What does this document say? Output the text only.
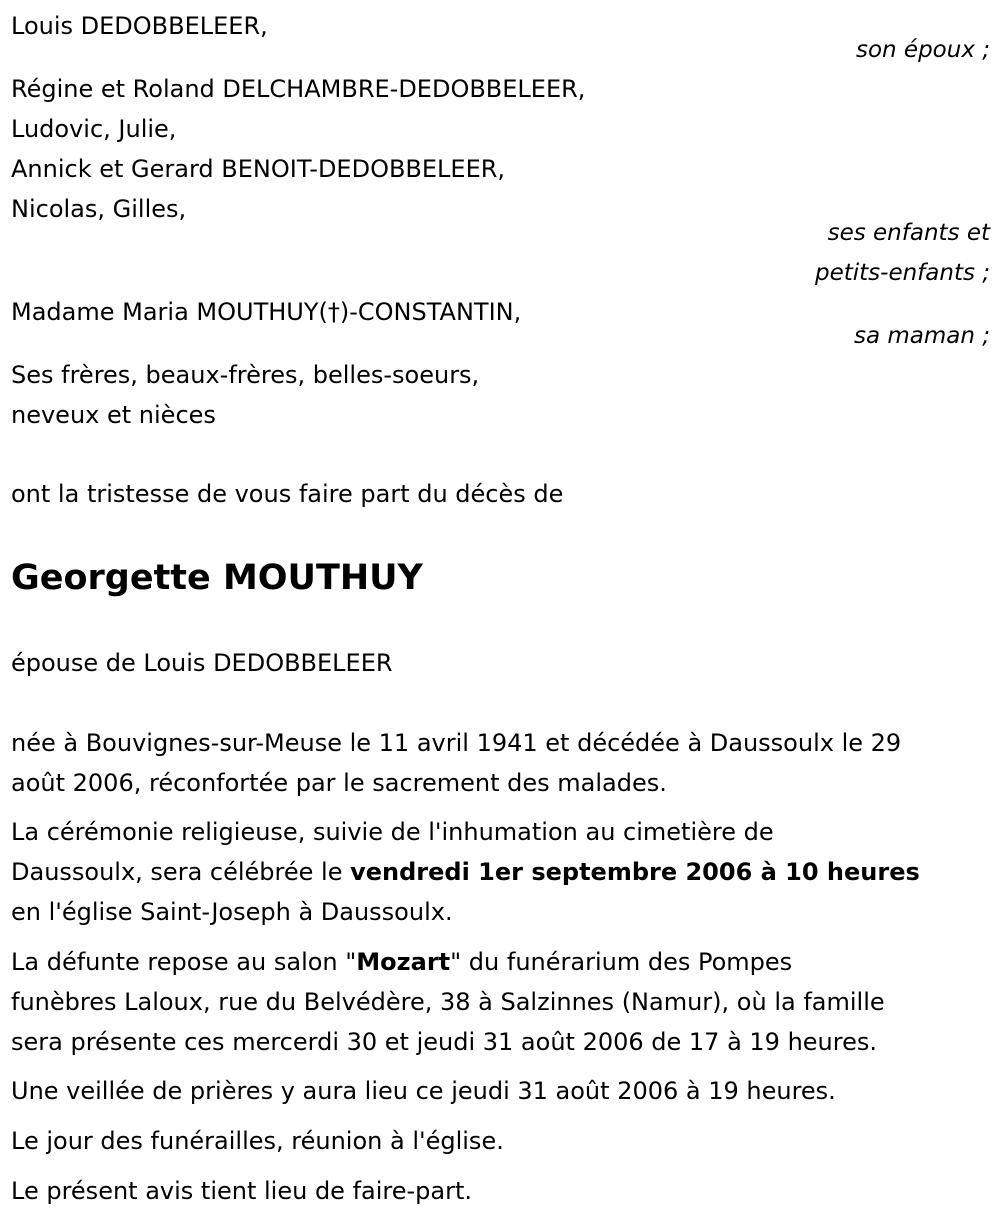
Louis DEDOBBELEER,
son époux ;
Régine et Roland DELCHAMBRE-DEDOBBELEER,
Ludovic, Julie,
Annick et Gerard BENOIT-DEDOBBELEER,
Nicolas, Gilles,
ses enfants et
petits-enfants ;
Madame Maria MOUTHUY(†)-CONSTANTIN,
sa maman ;
Ses frères, beaux-frères, belles-soeurs,
neveux et nièces
ont la tristesse de vous faire part du décès de
Georgette MOUTHUY
épouse de Louis DEDOBBELEER
née à Bouvignes-sur-Meuse le 11 avril 1941 et décédée à Daussoulx le 29
août 2006, réconfortée par le sacrement des malades.
La cérémonie religieuse, suivie de l'inhumation au cimetière de
Daussoulx, sera célébrée le vendredi 1er septembre 2006 à 10 heures
en l'église Saint-Joseph à Daussoulx.
La défunte repose au salon "Mozart" du funérarium des Pompes
funèbres Laloux, rue du Belvédère, 38 à Salzinnes (Namur), où la famille
sera présente ces mercerdi 30 et jeudi 31 août 2006 de 17 à 19 heures.
Une veillée de prières y aura lieu ce jeudi 31 août 2006 à 19 heures.
Le jour des funérailles, réunion à l'église.
Le présent avis tient lieu de faire-part.
